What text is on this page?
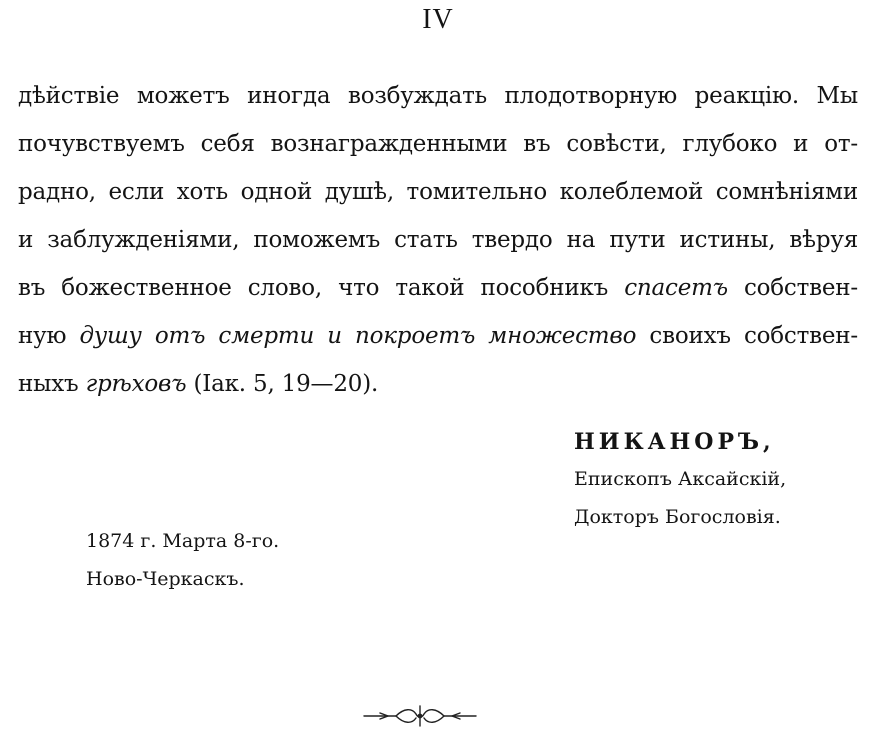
IV
дѣйствіе можетъ иногда возбуждать плодотворную реакцію. Мы
почувствуемъ себя вознагражденными въ совѣсти, глубоко и от-
радно, если хоть одной душѣ, томительно колеблемой сомнѣніями
и заблужденіями, поможемъ стать твердо на пути истины, вѣруя
въ божественное слово, что такой пособникъ спасетъ собствен-
ную душу отъ смерти и покроетъ множество своихъ собствен-
ныхъ грѣховъ (Іак. 5, 19—20).
НИКАНОРЪ,
Епископъ Аксайскій,
Докторъ Богословія.
1874 г. Марта 8-го.
Ново-Черкаскъ.
